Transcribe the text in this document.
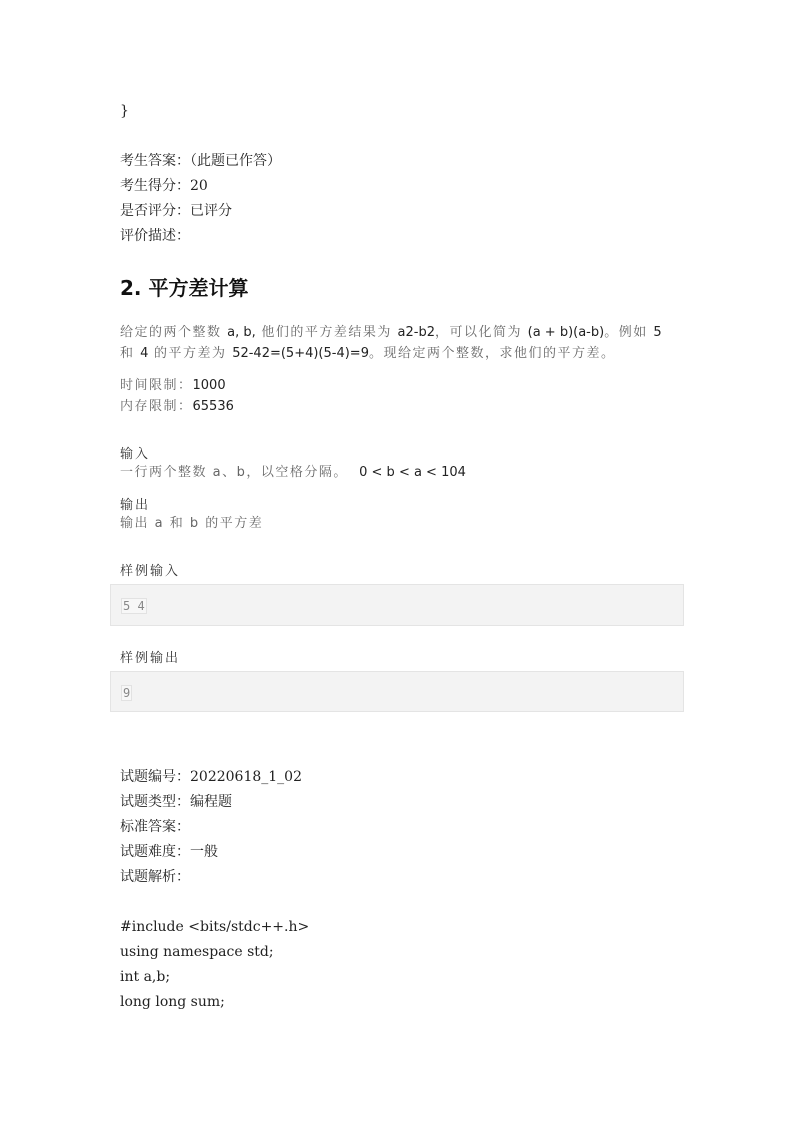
}
考生答案：（此题已作答）
考生得分：20
是否评分：已评分
评价描述：
2. 平方差计算
给定的两个整数 a, b, 他们的平方差结果为 a2-b2，可以化简为 (a + b)(a-b)。例如 5
和 4 的平方差为 52-42=(5+4)(5-4)=9。现给定两个整数，求他们的平方差。
时间限制：1000
内存限制：65536
输入
一行两个整数 a、b，以空格分隔。 0 < b < a < 104
输出
输出 a 和 b 的平方差
样例输入
5 4
样例输出
9
试题编号：20220618_1_02
试题类型：编程题
标准答案：
试题难度：一般
试题解析：
#include <bits/stdc++.h>
using namespace std;
int a,b;
long long sum;
